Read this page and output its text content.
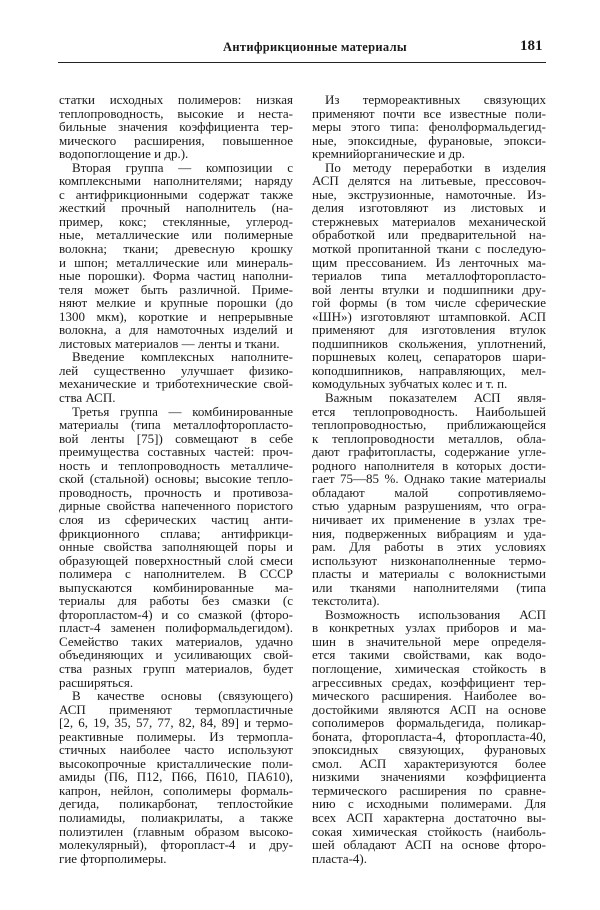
Антифрикционные материалы	181
статки исходных полимеров: низкая
теплопроводность, высокие и неста-
бильные значения коэффициента тер-
мического расширения, повышенное
водопоглощение и др.).
Вторая группа — композиции с
комплексными наполнителями; наряду
с антифрикционными содержат также
жесткий прочный наполнитель (на-
пример, кокс; стеклянные, углерод-
ные, металлические или полимерные
волокна; ткани; древесную крошку
и шпон; металлические или минераль-
ные порошки). Форма частиц наполни-
теля может быть различной. Приме-
няют мелкие и крупные порошки (до
1300 мкм), короткие и непрерывные
волокна, а для намоточных изделий и
листовых материалов — ленты и ткани.
Введение комплексных наполните-
лей существенно улучшает физико-
механические и триботехнические свой-
ства АСП.
Третья группа — комбинированные
материалы (типа металлофторопласто-
вой ленты [75]) совмещают в себе
преимущества составных частей: проч-
ность и теплопроводность металличе-
ской (стальной) основы; высокие тепло-
проводность, прочность и противоза-
дирные свойства напеченного пористого
слоя из сферических частиц анти-
фрикционного сплава; антифрикци-
онные свойства заполняющей поры и
образующей поверхностный слой смеси
полимера с наполнителем. В СССР
выпускаются комбинированные ма-
териалы для работы без смазки (с
фторопластом-4) и со смазкой (фторо-
пласт-4 заменен полиформальдегидом).
Семейство таких материалов, удачно
объединяющих и усиливающих свой-
ства разных групп материалов, будет
расширяться.
В качестве основы (связующего)
АСП применяют термопластичные
[2, 6, 19, 35, 57, 77, 82, 84, 89] и термо-
реактивные полимеры. Из термопла-
стичных наиболее часто используют
высокопрочные кристаллические поли-
амиды (П6, П12, П66, П610, ПА610),
капрон, нейлон, сополимеры формаль-
дегида, поликарбонат, теплостойкие
полиамиды, полиакрилаты, а также
полиэтилен (главным образом высоко-
молекулярный), фторопласт-4 и дру-
гие фторполимеры.
Из термореактивных связующих
применяют почти все известные поли-
меры этого типа: фенолформальдегид-
ные, эпоксидные, фурановые, эпокси-
кремнийорганические и др.
По методу переработки в изделия
АСП делятся на литьевые, прессовоч-
ные, экструзионные, намоточные. Из-
делия изготовляют из листовых и
стержневых материалов механической
обработкой или предварительной на-
моткой пропитанной ткани с последую-
щим прессованием. Из ленточных ма-
териалов типа металлофторопласто-
вой ленты втулки и подшипники дру-
гой формы (в том числе сферические
«ШН») изготовляют штамповкой. АСП
применяют для изготовления втулок
подшипников скольжения, уплотнений,
поршневых колец, сепараторов шари-
коподшипников, направляющих, мел-
комодульных зубчатых колес и т. п.
Важным показателем АСП явля-
ется теплопроводность. Наибольшей
теплопроводностью, приближающейся
к теплопроводности металлов, обла-
дают графитопласты, содержание угле-
родного наполнителя в которых дости-
гает 75—85 %. Однако такие материалы
обладают малой сопротивляемо-
стью ударным разрушениям, что огра-
ничивает их применение в узлах тре-
ния, подверженных вибрациям и уда-
рам. Для работы в этих условиях
используют низконаполненные термо-
пласты и материалы с волокнистыми
или тканями наполнителями (типа
текстолита).
Возможность использования АСП
в конкретных узлах приборов и ма-
шин в значительной мере определя-
ется такими свойствами, как водо-
поглощение, химическая стойкость в
агрессивных средах, коэффициент тер-
мического расширения. Наиболее во-
достойкими являются АСП на основе
сополимеров формальдегида, поликар-
боната, фторопласта-4, фторопласта-40,
эпоксидных связующих, фурановых
смол. АСП характеризуются более
низкими значениями коэффициента
термического расширения по сравне-
нию с исходными полимерами. Для
всех АСП характерна достаточно вы-
сокая химическая стойкость (наиболь-
шей обладают АСП на основе фторо-
пласта-4).
